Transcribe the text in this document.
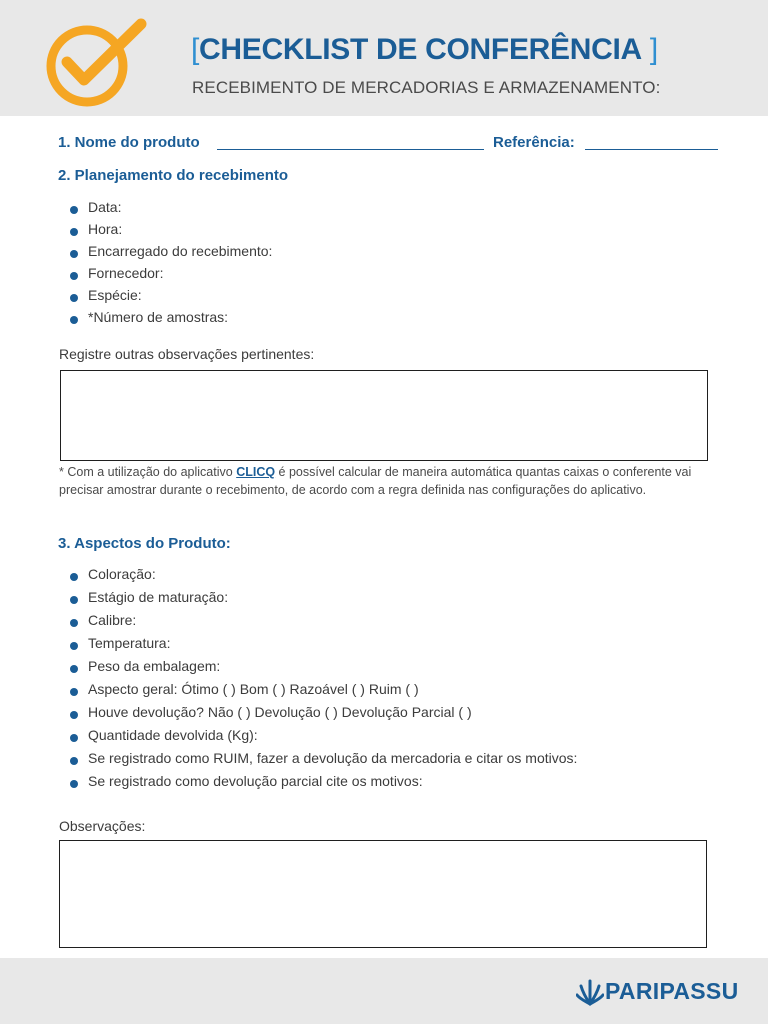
[CHECKLIST DE CONFERÊNCIA ]
RECEBIMENTO DE MERCADORIAS E ARMAZENAMENTO:
1. Nome do produto	Referência:
2. Planejamento do recebimento
Data:
Hora:
Encarregado do recebimento:
Fornecedor:
Espécie:
*Número de amostras:
Registre outras observações pertinentes:
* Com a utilização do aplicativo CLICQ é possível calcular de maneira automática quantas caixas o conferente vai precisar amostrar durante o recebimento, de acordo com a regra definida nas configurações do aplicativo.
3. Aspectos do Produto:
Coloração:
Estágio de maturação:
Calibre:
Temperatura:
Peso da embalagem:
Aspecto geral: Ótimo ( ) Bom ( ) Razoável ( ) Ruim ( )
Houve devolução? Não ( ) Devolução ( ) Devolução Parcial ( )
Quantidade devolvida (Kg):
Se registrado como RUIM, fazer a devolução da mercadoria e citar os motivos:
Se registrado como devolução parcial cite os motivos:
Observações:
PARIPASSU
